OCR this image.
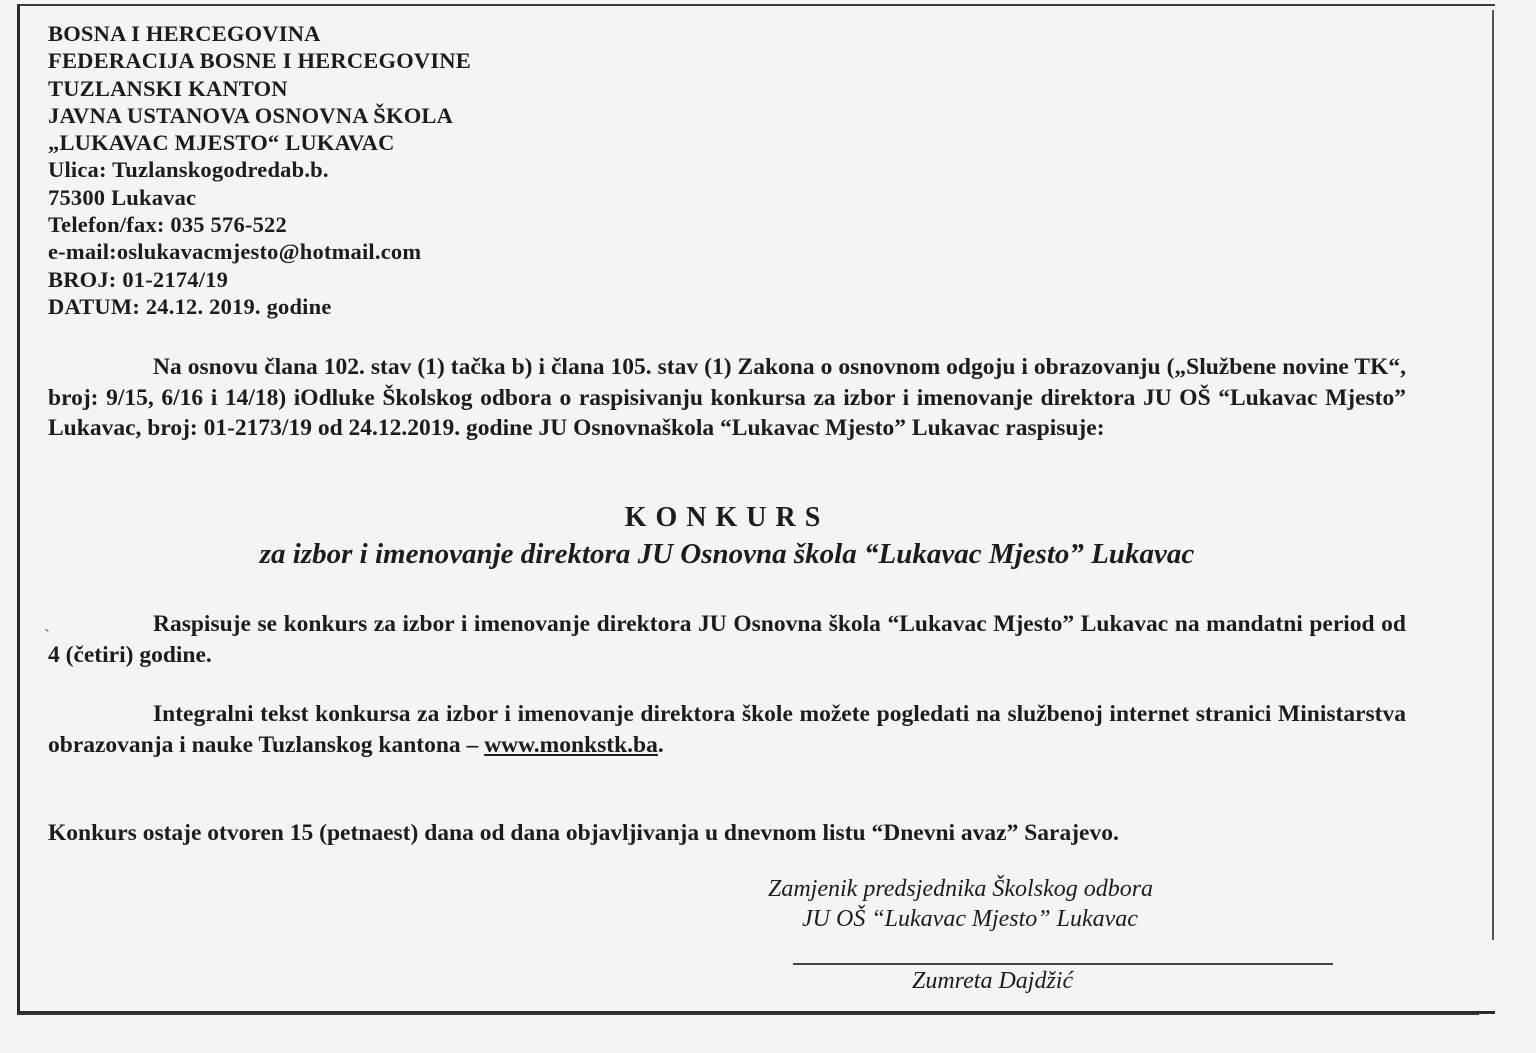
BOSNA I HERCEGOVINA
FEDERACIJA BOSNE I HERCEGOVINE
TUZLANSKI KANTON
JAVNA USTANOVA OSNOVNA ŠKOLA
„LUKAVAC MJESTO“ LUKAVAC
Ulica: Tuzlanskogodredab.b.
75300 Lukavac
Telefon/fax: 035 576-522
e-mail:oslukavacmjesto@hotmail.com
BROJ: 01-2174/19
DATUM: 24.12. 2019. godine
Na osnovu člana 102. stav (1) tačka b) i člana 105. stav (1) Zakona o osnovnom odgoju i obrazovanju („Službene novine TK“, broj: 9/15, 6/16 i 14/18) iOdluke Školskog odbora o raspisivanju konkursa za izbor i imenovanje direktora JU OŠ “Lukavac Mjesto” Lukavac, broj: 01-2173/19 od 24.12.2019. godine JU Osnovnaškola “Lukavac Mjesto” Lukavac raspisuje:
KONKURS
za izbor i imenovanje direktora JU Osnovna škola “Lukavac Mjesto” Lukavac
Raspisuje se konkurs za izbor i imenovanje direktora JU Osnovna škola “Lukavac Mjesto” Lukavac na mandatni period od 4 (četiri) godine.
Integralni tekst konkursa za izbor i imenovanje direktora škole možete pogledati na službenoj internet stranici Ministarstva obrazovanja i nauke Tuzlanskog kantona – www.monkstk.ba.
Konkurs ostaje otvoren 15 (petnaest) dana od dana objavljivanja u dnevnom listu “Dnevni avaz” Sarajevo.
Zamjenik predsjednika Školskog odbora
JU OŠ “Lukavac Mjesto” Lukavac
Zumreta Dajdžić
ˏ
